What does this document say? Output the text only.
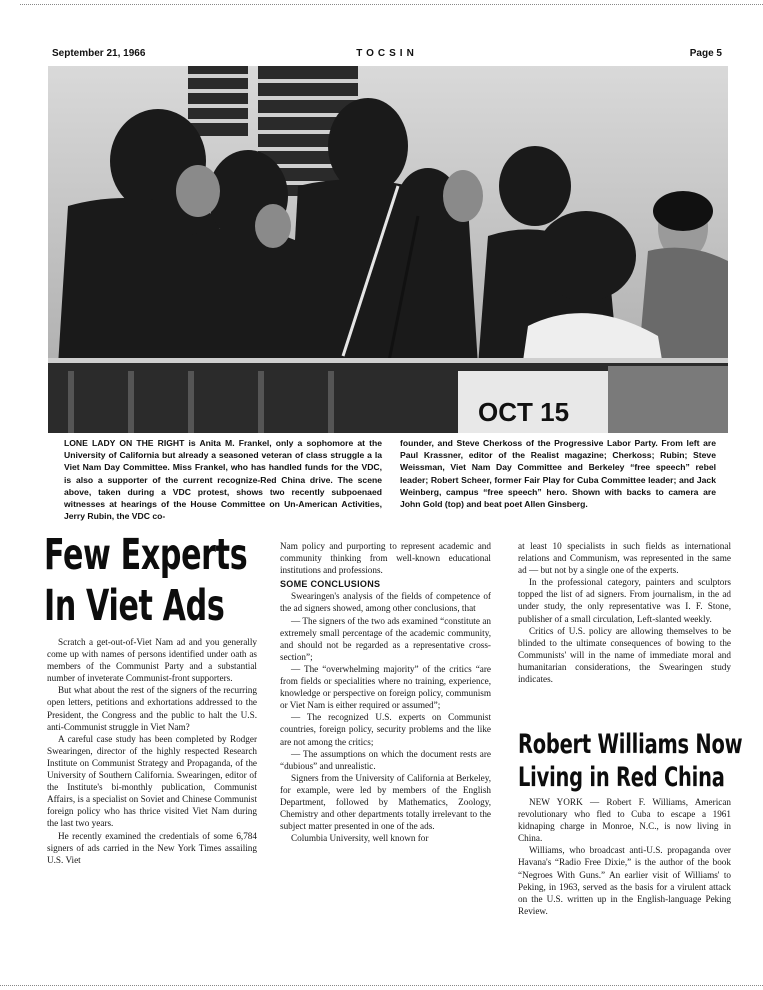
September 21, 1966	TOCSIN	Page 5
OCT 15
LONE LADY ON THE RIGHT is Anita M. Frankel, only a sophomore at the University of California but already a seasoned veteran of class struggle a la Viet Nam Day Committee. Miss Frankel, who has handled funds for the VDC, is also a supporter of the current recognize-Red China drive. The scene above, taken during a VDC protest, shows two recently subpoenaed witnesses at hearings of the House Committee on Un-American Activities, Jerry Rubin, the VDC co-
founder, and Steve Cherkoss of the Progressive Labor Party. From left are Paul Krassner, editor of the Realist magazine; Cherkoss; Rubin; Steve Weissman, Viet Nam Day Committee and Berkeley “free speech” rebel leader; Robert Scheer, former Fair Play for Cuba Committee leader; and Jack Weinberg, campus “free speech” hero. Shown with backs to camera are John Gold (top) and beat poet Allen Ginsberg.
Few Experts
In Viet Ads

Scratch a get-out-of-Viet Nam ad and you generally come up with names of persons identified under oath as members of the Communist Party and a substantial number of inveterate Communist-front supporters.

But what about the rest of the signers of the recurring open letters, petitions and exhortations addressed to the President, the Congress and the public to halt the U.S. anti-Communist struggle in Viet Nam?

A careful case study has been completed by Rodger Swearingen, director of the highly respected Research Institute on Communist Strategy and Propaganda, of the University of Southern California. Swearingen, editor of the Institute's bi-monthly publication, Communist Affairs, is a specialist on Soviet and Chinese Communist foreign policy who has thrice visited Viet Nam during the last two years.

He recently examined the credentials of some 6,784 signers of ads carried in the New York Times assailing U.S. Viet

Nam policy and purporting to represent academic and community thinking from well-known educational institutions and professions.

SOME CONCLUSIONS

Swearingen's analysis of the fields of competence of the ad signers showed, among other conclusions, that

— The signers of the two ads examined “constitute an extremely small percentage of the academic community, and should not be regarded as a representative cross-section”;

— The “overwhelming majority” of the critics “are from fields or specialities where no training, experience, knowledge or perspective on foreign policy, communism or Viet Nam is either required or assumed”;

— The recognized U.S. experts on Communist countries, foreign policy, security problems and the like are not among the critics;

— The assumptions on which the document rests are “dubious” and unrealistic.

Signers from the University of California at Berkeley, for example, were led by members of the English Department, followed by Mathematics, Zoology, Chemistry and other departments totally irrelevant to the subject matter presented in one of the ads.

Columbia University, well known for

at least 10 specialists in such fields as international relations and Communism, was represented in the same ad — but not by a single one of the experts.

In the professional category, painters and sculptors topped the list of ad signers. From journalism, in the ad under study, the only representative was I. F. Stone, publisher of a small circulation, Left-slanted weekly.

Critics of U.S. policy are allowing themselves to be blinded to the ultimate consequences of bowing to the Communists' will in the name of immediate moral and humanitarian considerations, the Swearingen study indicates.

Robert Williams Now
Living in Red China

NEW YORK — Robert F. Williams, American revolutionary who fled to Cuba to escape a 1961 kidnaping charge in Monroe, N.C., is now living in China.

Williams, who broadcast anti-U.S. propaganda over Havana's “Radio Free Dixie,” is the author of the book “Negroes With Guns.” An earlier visit of Williams' to Peking, in 1963, served as the basis for a virulent attack on the U.S. written up in the English-language Peking Review.
